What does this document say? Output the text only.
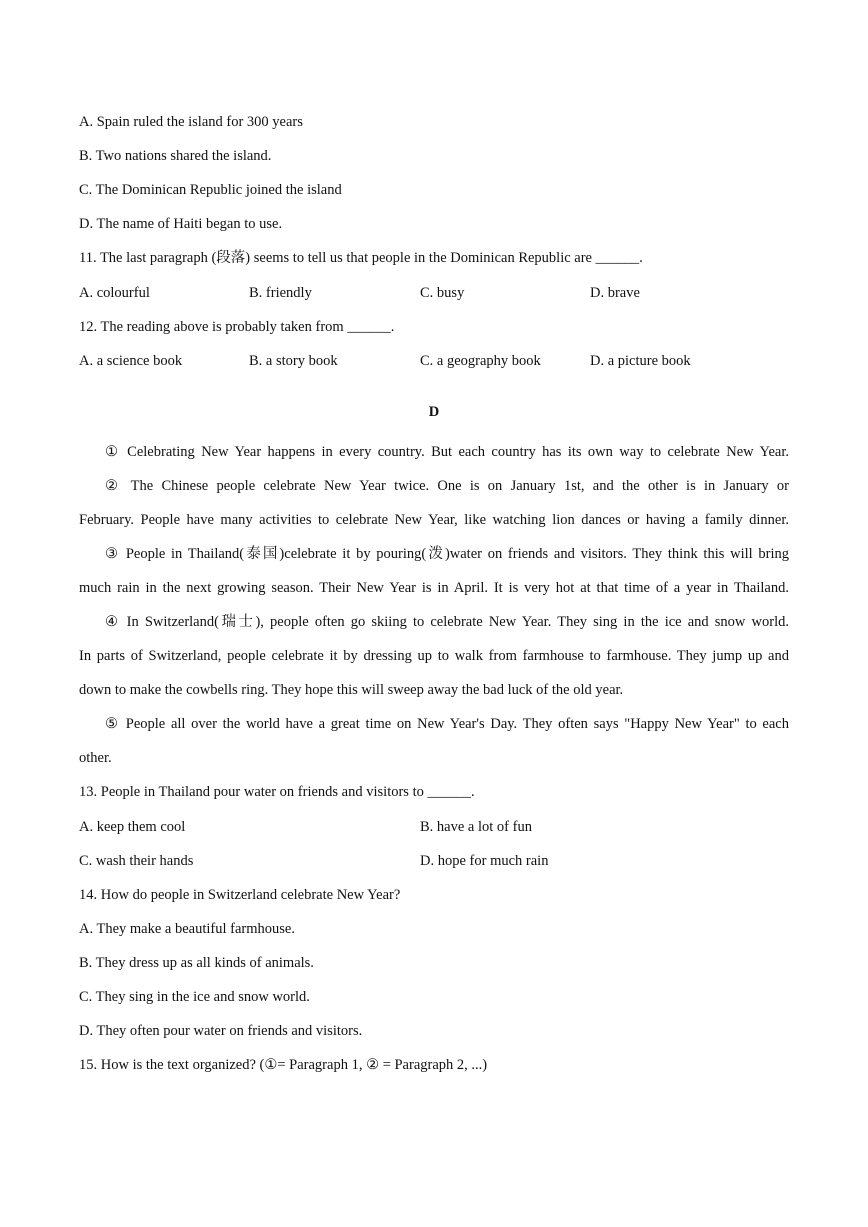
A. Spain ruled the island for 300 years
B. Two nations shared the island.
C. The Dominican Republic joined the island
D. The name of Haiti began to use.
11. The last paragraph (段落) seems to tell us that people in the Dominican Republic are ______.
A. colourful	B. friendly	C. busy	D. brave
12. The reading above is probably taken from ______.
A. a science book	B. a story book	C. a geography book	D. a picture book
D
① Celebrating New Year happens in every country. But each country has its own way to celebrate New Year.
② The Chinese people celebrate New Year twice. One is on January 1st, and the other is in January or
February. People have many activities to celebrate New Year, like watching lion dances or having a family dinner.
③ People in Thailand(泰国)celebrate it by pouring(泼)water on friends and visitors. They think this will bring
much rain in the next growing season. Their New Year is in April. It is very hot at that time of a year in Thailand.
④ In Switzerland(瑞士), people often go skiing to celebrate New Year. They sing in the ice and snow world.
In parts of Switzerland, people celebrate it by dressing up to walk from farmhouse to farmhouse. They jump up and
down to make the cowbells ring. They hope this will sweep away the bad luck of the old year.
⑤ People all over the world have a great time on New Year's Day. They often says "Happy New Year" to each
other.
13. People in Thailand pour water on friends and visitors to ______.
A. keep them cool	B. have a lot of fun
C. wash their hands	D. hope for much rain
14. How do people in Switzerland celebrate New Year?
A. They make a beautiful farmhouse.
B. They dress up as all kinds of animals.
C. They sing in the ice and snow world.
D. They often pour water on friends and visitors.
15. How is the text organized? (①= Paragraph 1, ② = Paragraph 2, ...)
